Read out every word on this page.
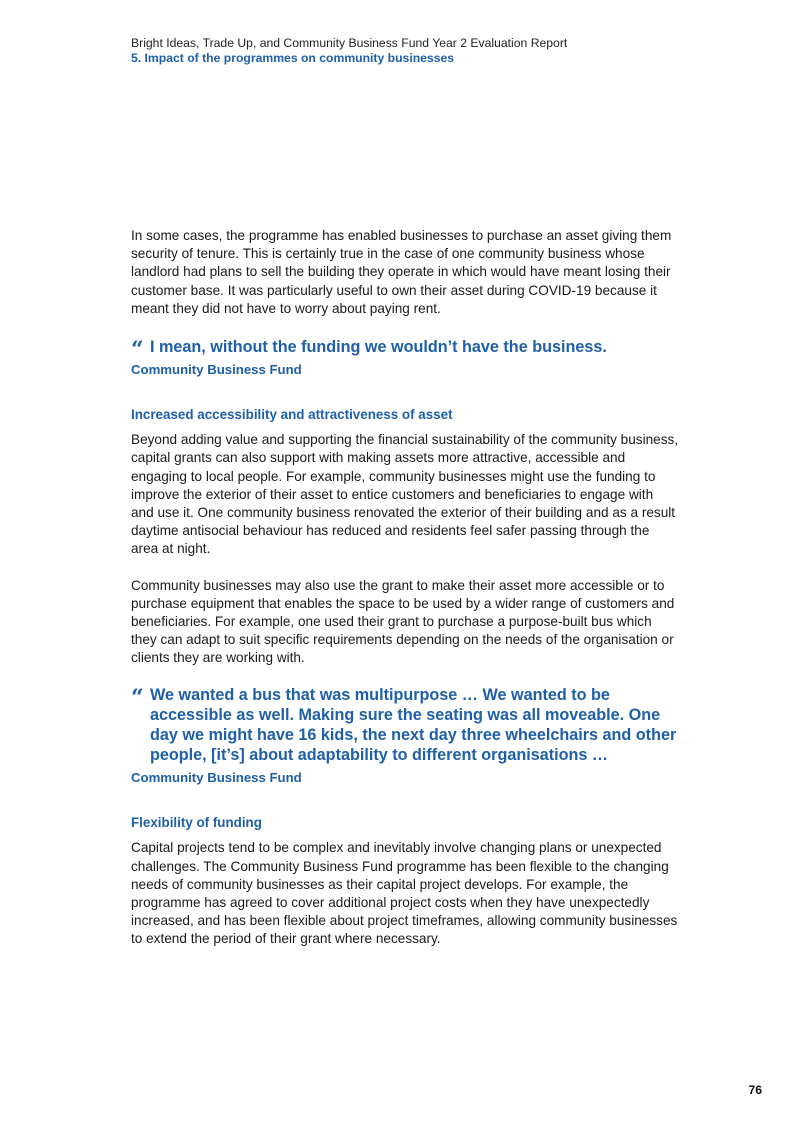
Bright Ideas, Trade Up, and Community Business Fund Year 2 Evaluation Report
5. Impact of the programmes on community businesses

In some cases, the programme has enabled businesses to purchase an asset giving them security of tenure. This is certainly true in the case of one community business whose landlord had plans to sell the building they operate in which would have meant losing their customer base. It was particularly useful to own their asset during COVID-19 because it meant they did not have to worry about paying rent.

“ I mean, without the funding we wouldn’t have the business.
Community Business Fund
Increased accessibility and attractiveness of asset

Beyond adding value and supporting the financial sustainability of the community business, capital grants can also support with making assets more attractive, accessible and engaging to local people. For example, community businesses might use the funding to improve the exterior of their asset to entice customers and beneficiaries to engage with and use it. One community business renovated the exterior of their building and as a result daytime antisocial behaviour has reduced and residents feel safer passing through the area at night.

Community businesses may also use the grant to make their asset more accessible or to purchase equipment that enables the space to be used by a wider range of customers and beneficiaries. For example, one used their grant to purchase a purpose-built bus which they can adapt to suit specific requirements depending on the needs of the organisation or clients they are working with.

“ We wanted a bus that was multipurpose … We wanted to be accessible as well. Making sure the seating was all moveable. One day we might have 16 kids, the next day three wheelchairs and other people, [it’s] about adaptability to different organisations …
Community Business Fund
Flexibility of funding

Capital projects tend to be complex and inevitably involve changing plans or unexpected challenges. The Community Business Fund programme has been flexible to the changing needs of community businesses as their capital project develops. For example, the programme has agreed to cover additional project costs when they have unexpectedly increased, and has been flexible about project timeframes, allowing community businesses to extend the period of their grant where necessary.

76
